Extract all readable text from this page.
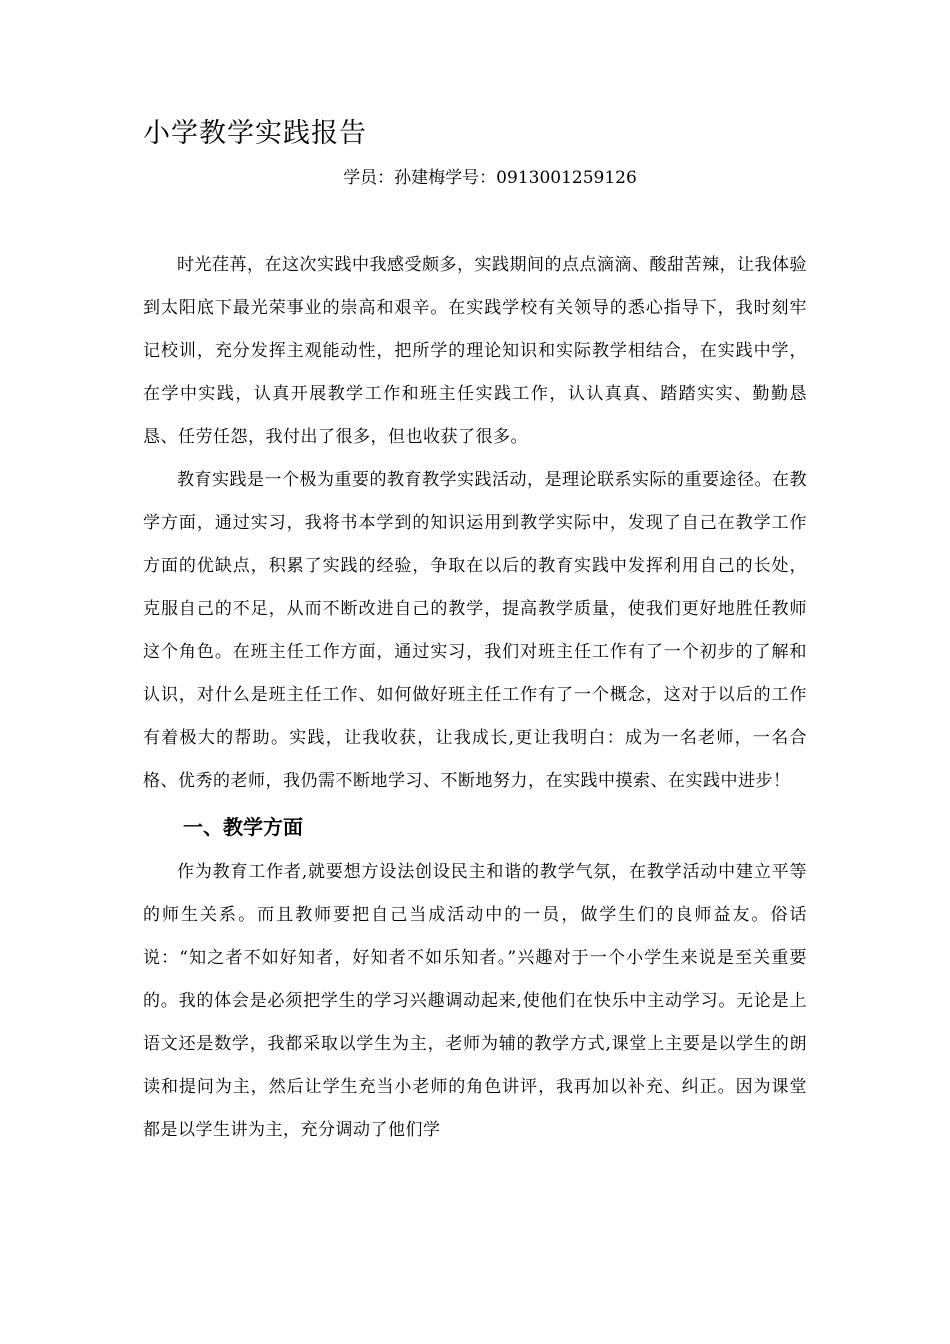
小学教学实践报告

学员：孙建梅学号：0913001259126

时光荏苒，在这次实践中我感受颇多，实践期间的点点滴滴、酸甜苦辣，让我体验到太阳底下最光荣事业的崇高和艰辛。在实践学校有关领导的悉心指导下，我时刻牢记校训，充分发挥主观能动性，把所学的理论知识和实际教学相结合，在实践中学，在学中实践，认真开展教学工作和班主任实践工作，认认真真、踏踏实实、勤勤恳恳、任劳任怨，我付出了很多，但也收获了很多。

教育实践是一个极为重要的教育教学实践活动，是理论联系实际的重要途径。在教学方面，通过实习，我将书本学到的知识运用到教学实际中，发现了自己在教学工作方面的优缺点，积累了实践的经验，争取在以后的教育实践中发挥利用自己的长处，克服自己的不足，从而不断改进自己的教学，提高教学质量，使我们更好地胜任教师这个角色。在班主任工作方面，通过实习，我们对班主任工作有了一个初步的了解和认识，对什么是班主任工作、如何做好班主任工作有了一个概念，这对于以后的工作有着极大的帮助。实践，让我收获，让我成长,更让我明白：成为一名老师，一名合格、优秀的老师，我仍需不断地学习、不断地努力，在实践中摸索、在实践中进步！

一、教学方面

作为教育工作者,就要想方设法创设民主和谐的教学气氛，在教学活动中建立平等的师生关系。而且教师要把自己当成活动中的一员，做学生们的良师益友。俗话说：“知之者不如好知者，好知者不如乐知者。”兴趣对于一个小学生来说是至关重要的。我的体会是必须把学生的学习兴趣调动起来,使他们在快乐中主动学习。无论是上语文还是数学，我都采取以学生为主，老师为辅的教学方式,课堂上主要是以学生的朗读和提问为主，然后让学生充当小老师的角色讲评，我再加以补充、纠正。因为课堂都是以学生讲为主，充分调动了他们学
